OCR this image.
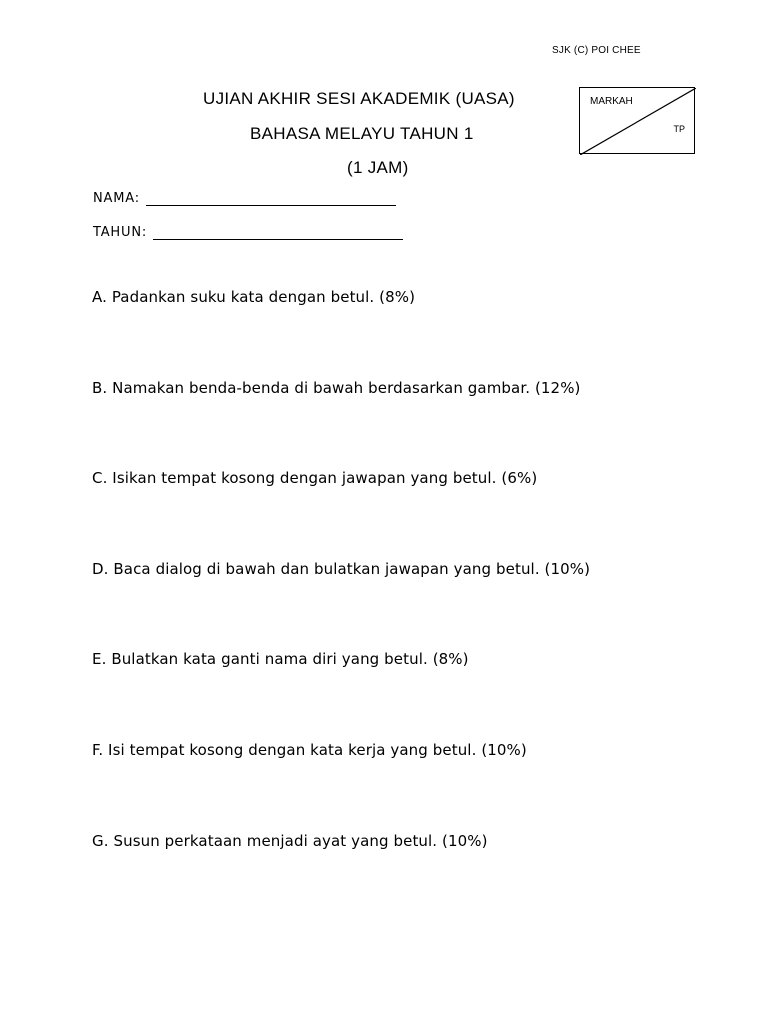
SJK (C) POI CHEE
UJIAN AKHIR SESI AKADEMIK (UASA)
BAHASA MELAYU TAHUN 1
(1 JAM)
MARKAH
TP
NAMA:
TAHUN:
A. Padankan suku kata dengan betul. (8%)
B. Namakan benda-benda di bawah berdasarkan gambar. (12%)
C. Isikan tempat kosong dengan jawapan yang betul. (6%)
D. Baca dialog di bawah dan bulatkan jawapan yang betul. (10%)
E. Bulatkan kata ganti nama diri yang betul. (8%)
F. Isi tempat kosong dengan kata kerja yang betul. (10%)
G. Susun perkataan menjadi ayat yang betul. (10%)
